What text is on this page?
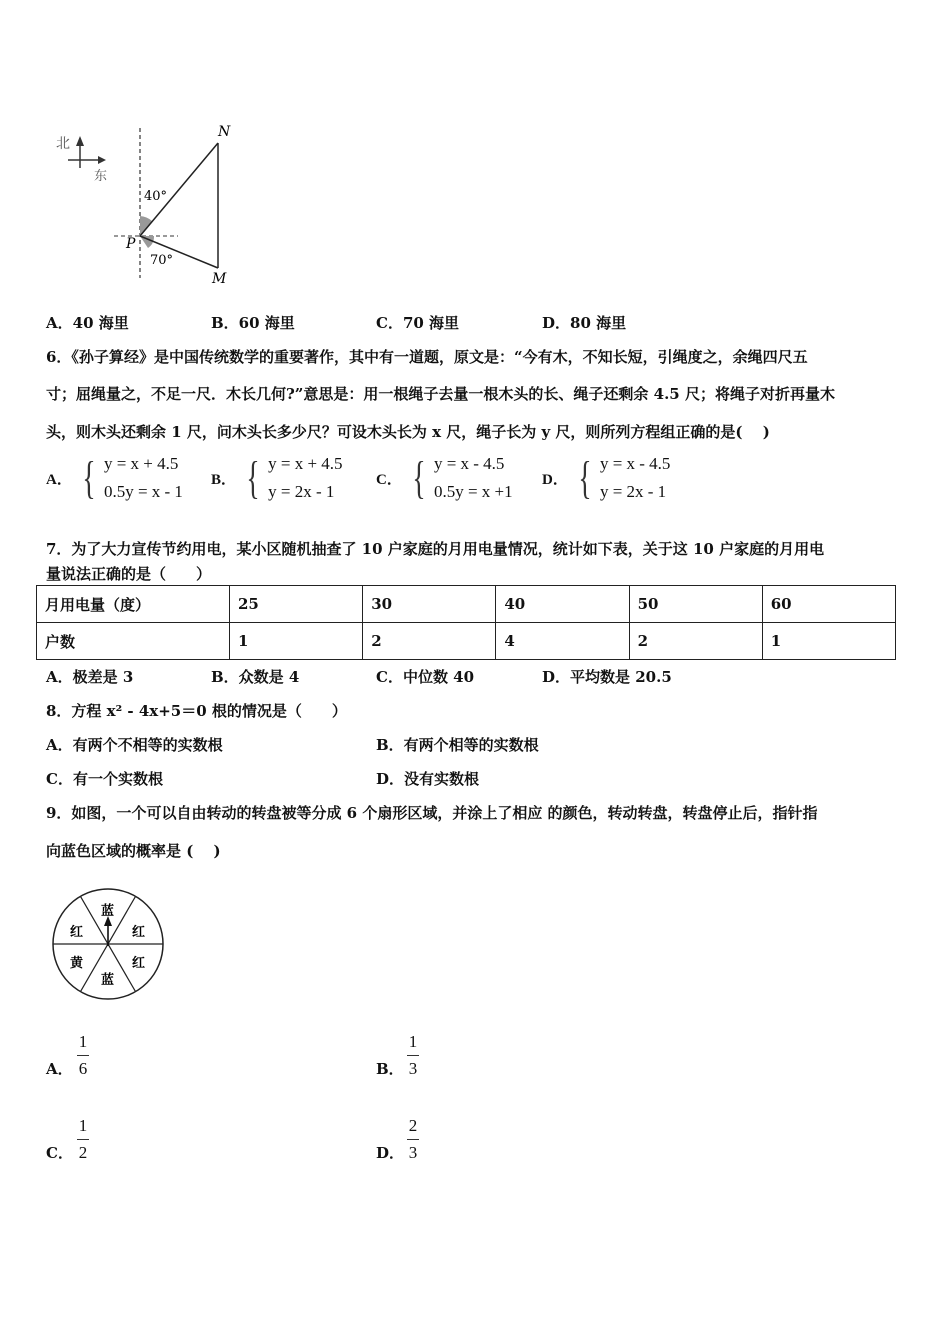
北
东
N
M
P
40°
70°
A．40 海里	B．60 海里	C．70 海里	D．80 海里
6．《孙子算经》是中国传统数学的重要著作，其中有一道题，原文是：“今有木，不知长短，引绳度之，余绳四尺五
寸；屈绳量之，不足一尺．木长几何?”意思是：用一根绳子去量一根木头的长、绳子还剩余 4.5 尺；将绳子对折再量木
头，则木头还剩余 1 尺，问木头长多少尺？可设木头长为 x 尺，绳子长为 y 尺，则所列方程组正确的是(　 )
A． { y = x + 4.5
0.5y = x - 1
B． { y = x + 4.5
y = 2x - 1
C． { y = x - 4.5
0.5y = x +1
D． { y = x - 4.5
y = 2x - 1
7．为了大力宣传节约用电，某小区随机抽查了 10 户家庭的月用电量情况，统计如下表，关于这 10 户家庭的月用电
量说法正确的是（　　）
月用电量（度）	25	30	40	50	60
户数	1	2	4	2	1
A．极差是 3	B．众数是 4	C．中位数 40	D．平均数是 20.5
8．方程 x² - 4x+5＝0 根的情况是（　　）
A．有两个不相等的实数根	B．有两个相等的实数根
C．有一个实数根	D．没有实数根
9．如图，一个可以自由转动的转盘被等分成 6 个扇形区域，并涂上了相应 的颜色，转动转盘，转盘停止后，指针指
向蓝色区域的概率是 (　 )
蓝
红
红
蓝
黄
红
A．
1
6	B．
1
3
C．
1
2	D．
2
3
